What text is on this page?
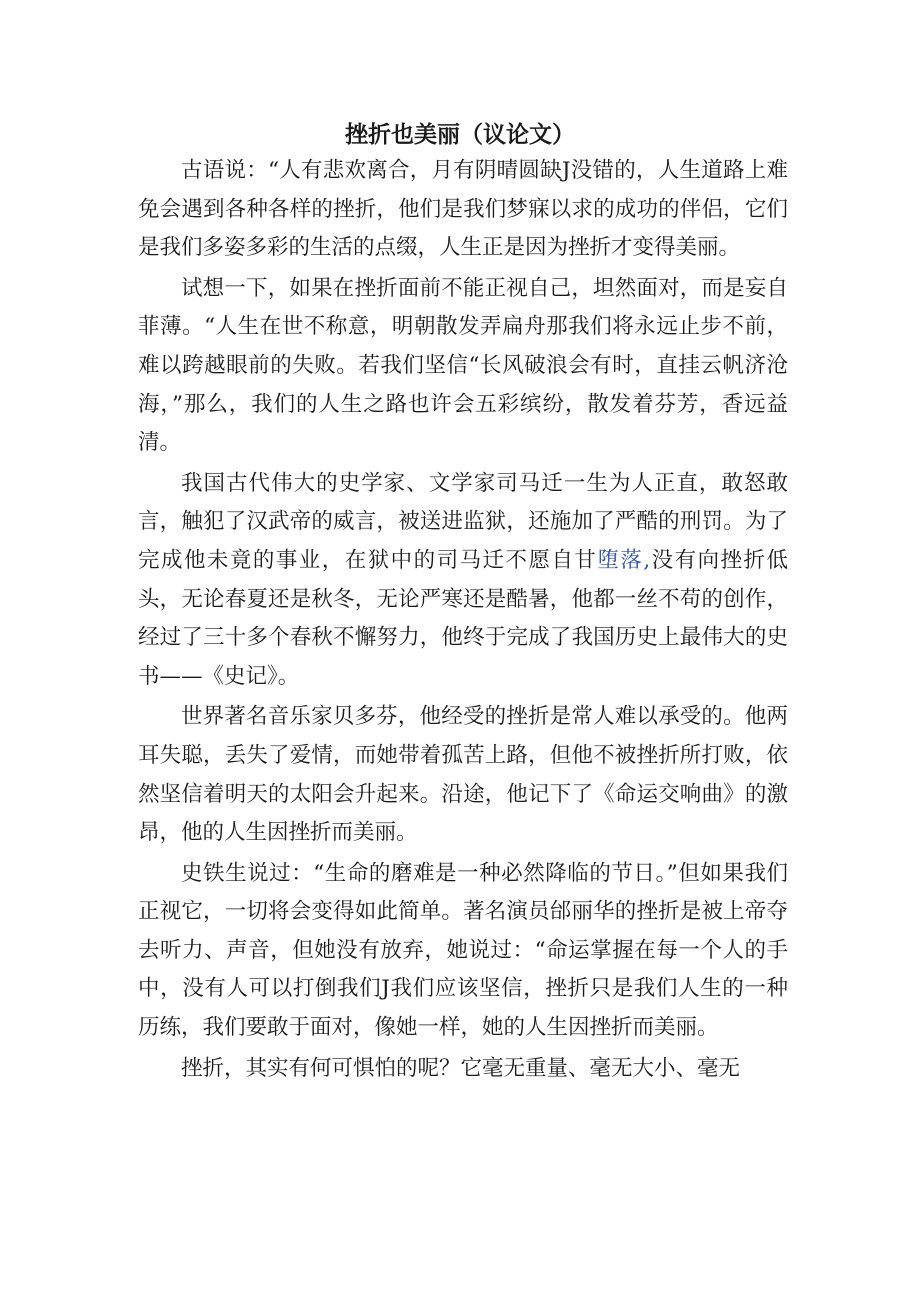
挫折也美丽（议论文）

古语说：“人有悲欢离合，月有阴晴圆缺J没错的，人生道路上难免会遇到各种各样的挫折，他们是我们梦寐以求的成功的伴侣，它们是我们多姿多彩的生活的点缀，人生正是因为挫折才变得美丽。

试想一下，如果在挫折面前不能正视自己，坦然面对，而是妄自菲薄。“人生在世不称意，明朝散发弄扁舟那我们将永远止步不前，难以跨越眼前的失败。若我们坚信“长风破浪会有时，直挂云帆济沧海，”那么，我们的人生之路也许会五彩缤纷，散发着芬芳，香远益清。

我国古代伟大的史学家、文学家司马迁一生为人正直，敢怒敢言，触犯了汉武帝的威言，被送进监狱，还施加了严酷的刑罚。为了完成他未竟的事业，在狱中的司马迁不愿自甘堕落,没有向挫折低头，无论春夏还是秋冬，无论严寒还是酷暑，他都一丝不苟的创作，经过了三十多个春秋不懈努力，他终于完成了我国历史上最伟大的史书——《史记》。

世界著名音乐家贝多芬，他经受的挫折是常人难以承受的。他两耳失聪，丢失了爱情，而她带着孤苦上路，但他不被挫折所打败，依然坚信着明天的太阳会升起来。沿途，他记下了《命运交响曲》的激昂，他的人生因挫折而美丽。

史铁生说过：“生命的磨难是一种必然降临的节日。”但如果我们正视它，一切将会变得如此简单。著名演员邰丽华的挫折是被上帝夺去听力、声音，但她没有放弃，她说过：“命运掌握在每一个人的手中，没有人可以打倒我们J我们应该坚信，挫折只是我们人生的一种历练，我们要敢于面对，像她一样，她的人生因挫折而美丽。

挫折，其实有何可惧怕的呢？它毫无重量、毫无大小、毫无
